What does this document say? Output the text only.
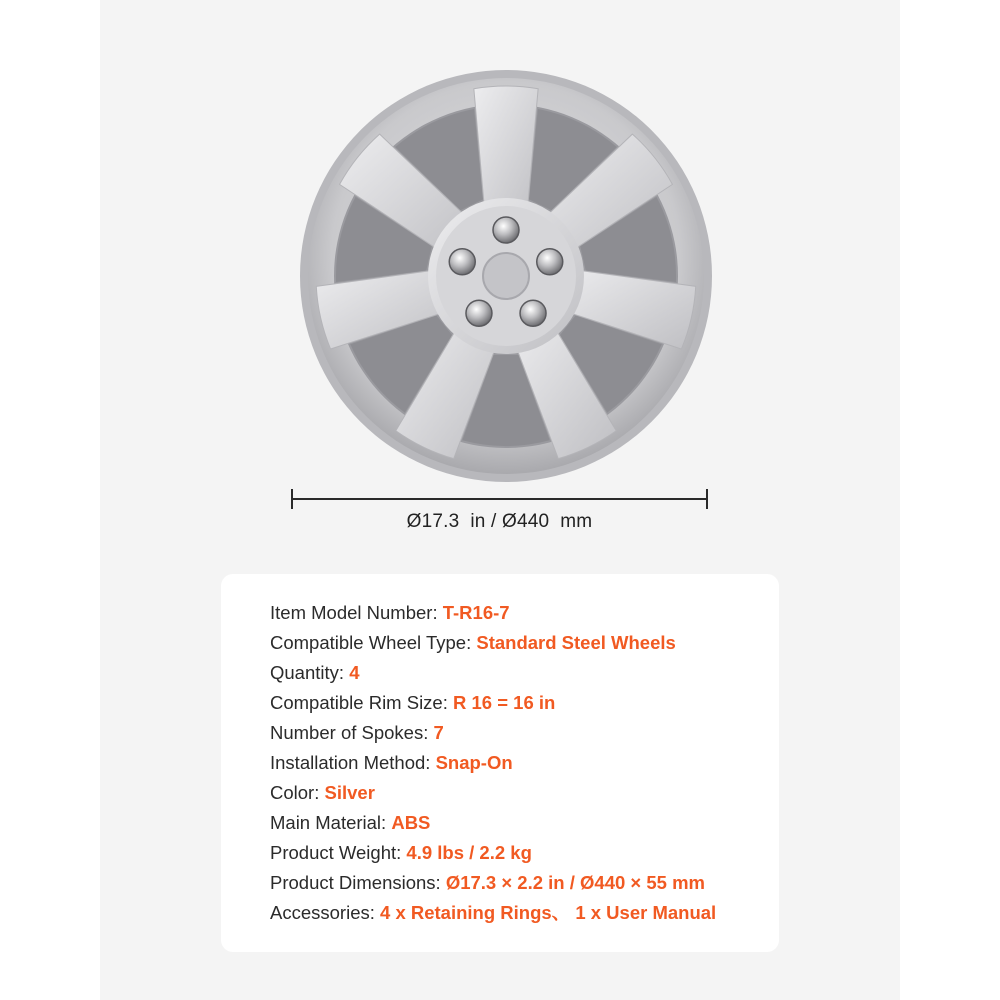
Ø17.3  in / Ø440  mm
Item Model Number: T-R16-7
Compatible Wheel Type: Standard Steel Wheels
Quantity: 4
Compatible Rim Size: R 16 = 16 in
Number of Spokes: 7
Installation Method: Snap-On
Color: Silver
Main Material: ABS
Product Weight: 4.9 lbs / 2.2 kg
Product Dimensions: Ø17.3 × 2.2 in / Ø440 × 55 mm
Accessories: 4 x Retaining Rings、 1 x User Manual
